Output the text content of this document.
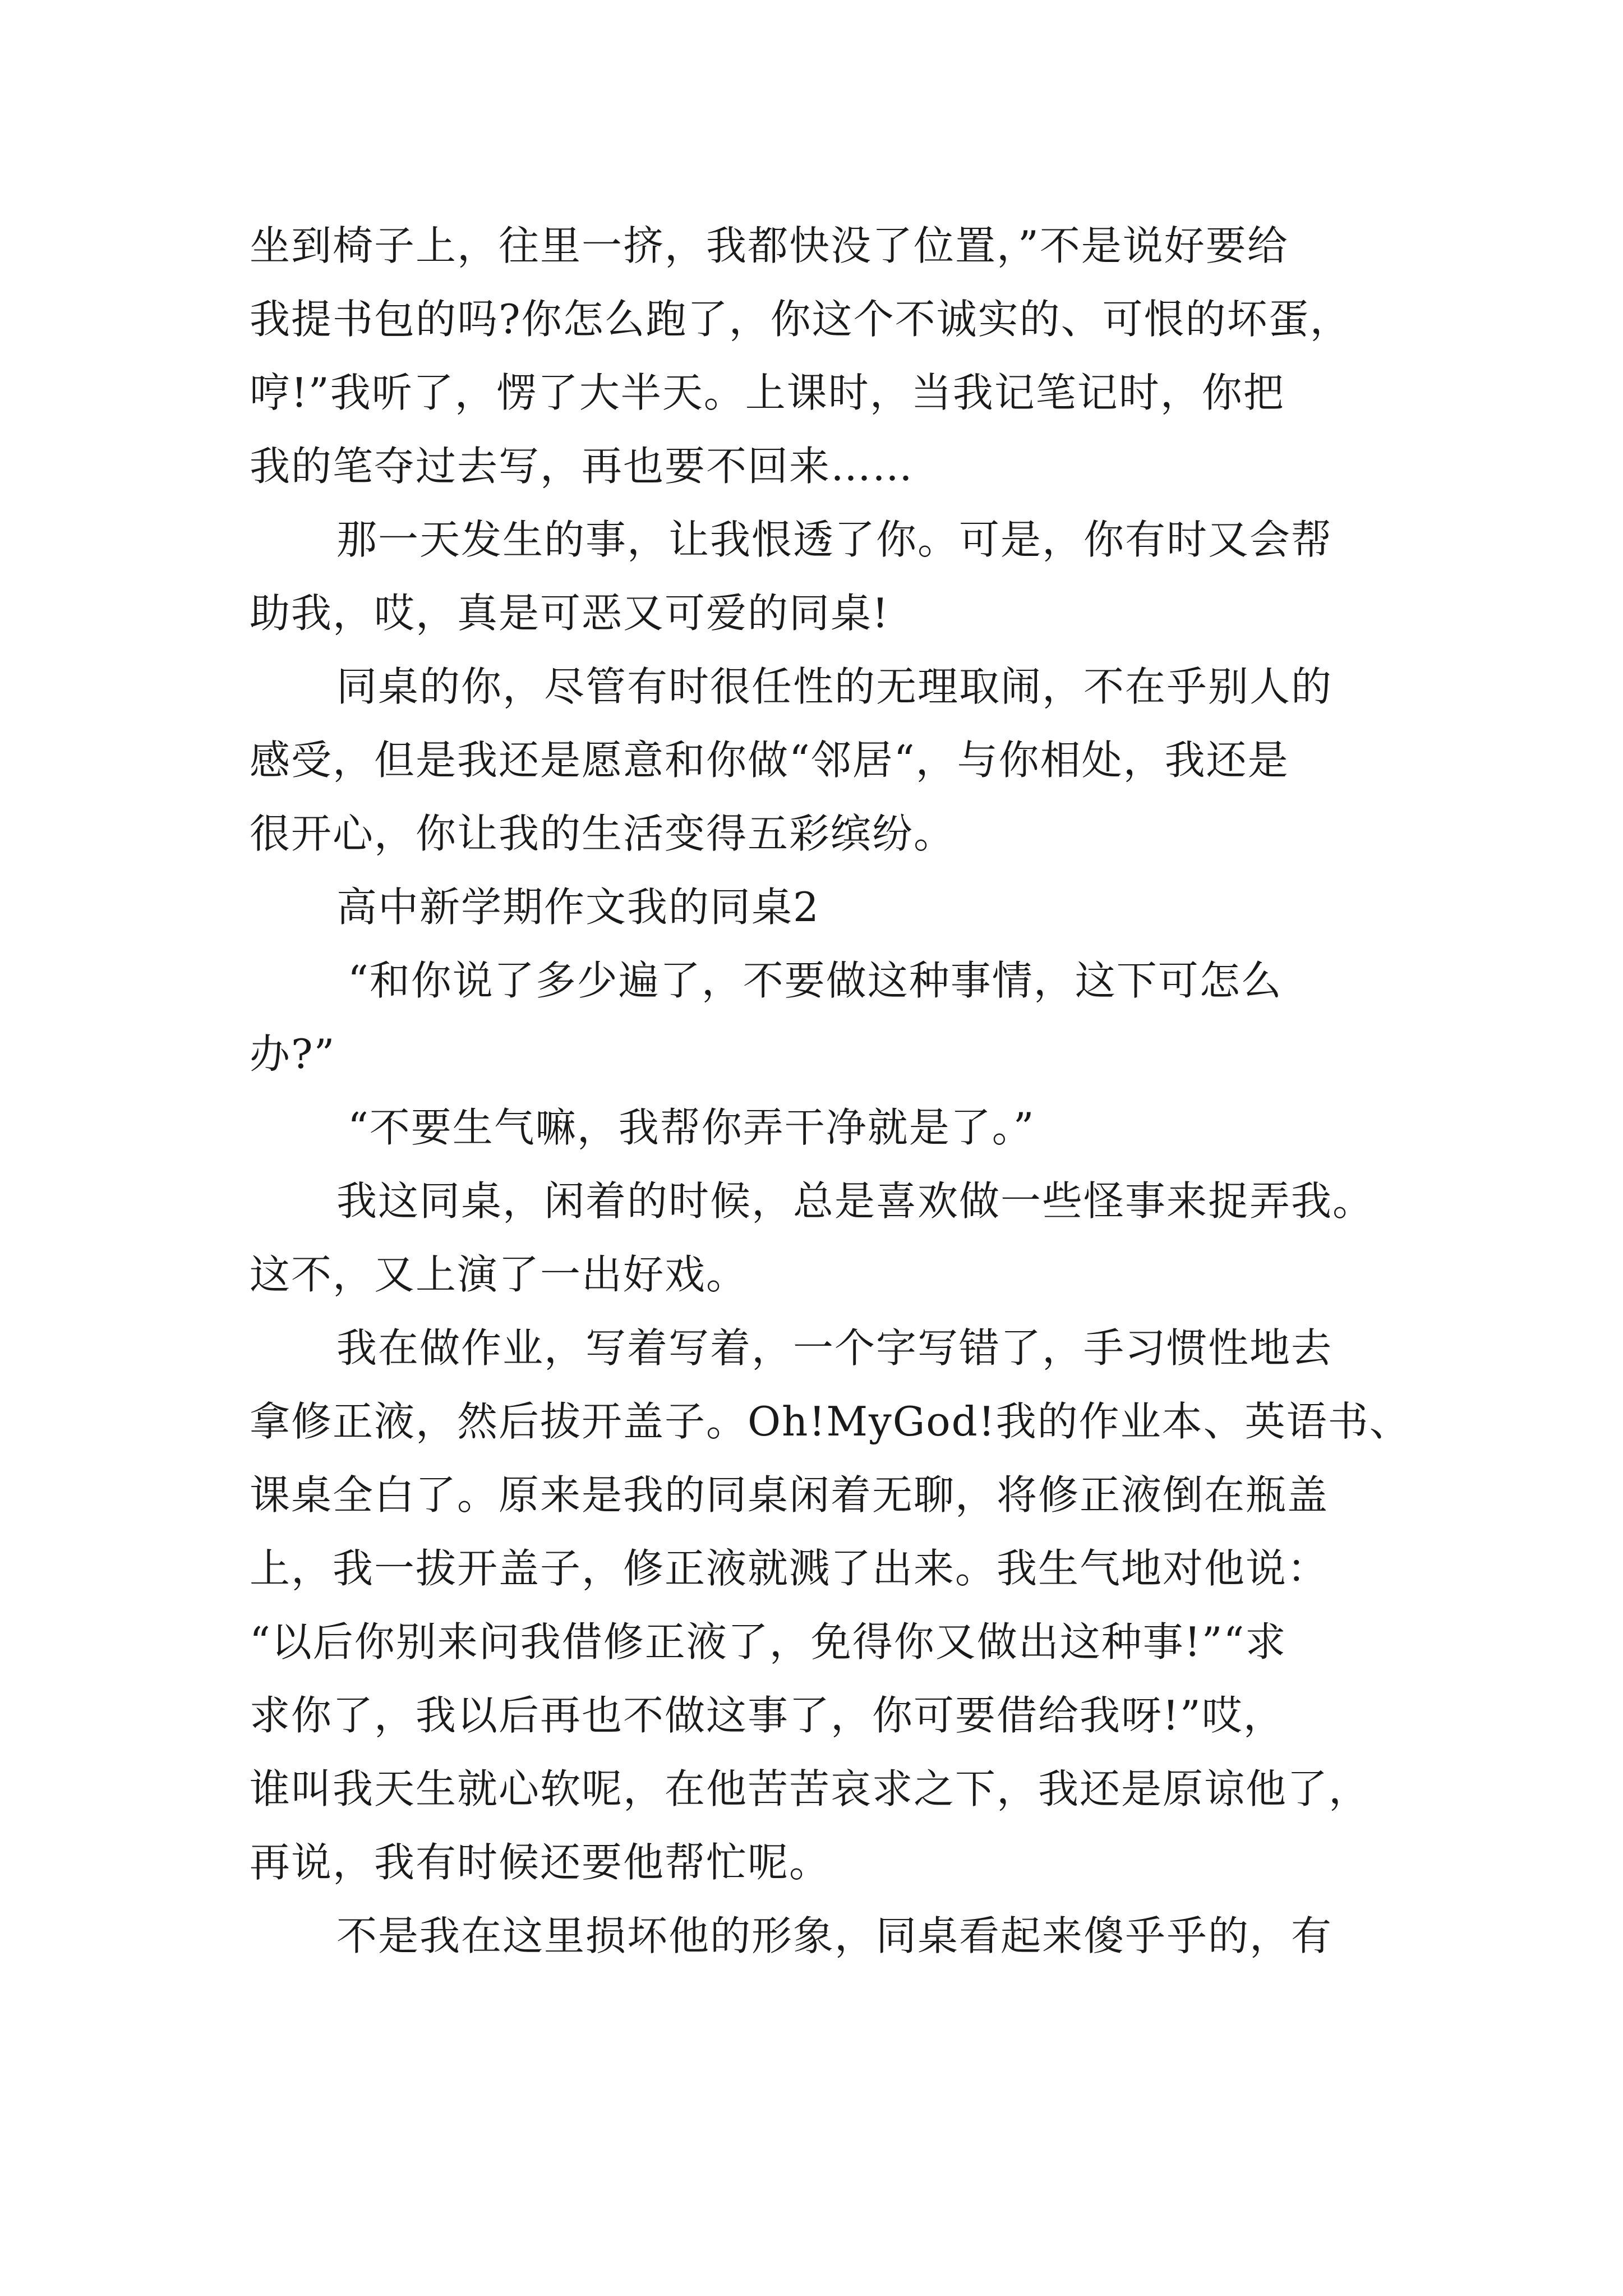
坐到椅子上，往里一挤，我都快没了位置，”不是说好要给
我提书包的吗?你怎么跑了，你这个不诚实的、可恨的坏蛋，
哼!”我听了，愣了大半天。上课时，当我记笔记时，你把
我的笔夺过去写，再也要不回来……
那一天发生的事，让我恨透了你。可是，你有时又会帮
助我，哎，真是可恶又可爱的同桌!
同桌的你，尽管有时很任性的无理取闹，不在乎别人的
感受，但是我还是愿意和你做“邻居“，与你相处，我还是
很开心，你让我的生活变得五彩缤纷。
高中新学期作文我的同桌2
“和你说了多少遍了，不要做这种事情，这下可怎么
办?”
“不要生气嘛，我帮你弄干净就是了。”
我这同桌，闲着的时候，总是喜欢做一些怪事来捉弄我。
这不，又上演了一出好戏。
我在做作业，写着写着，一个字写错了，手习惯性地去
拿修正液，然后拔开盖子。Oh!MyGod!我的作业本、英语书、
课桌全白了。原来是我的同桌闲着无聊，将修正液倒在瓶盖
上，我一拔开盖子，修正液就溅了出来。我生气地对他说：
“以后你别来问我借修正液了，免得你又做出这种事!”“求
求你了，我以后再也不做这事了，你可要借给我呀!”哎，
谁叫我天生就心软呢，在他苦苦哀求之下，我还是原谅他了，
再说，我有时候还要他帮忙呢。
不是我在这里损坏他的形象，同桌看起来傻乎乎的，有
